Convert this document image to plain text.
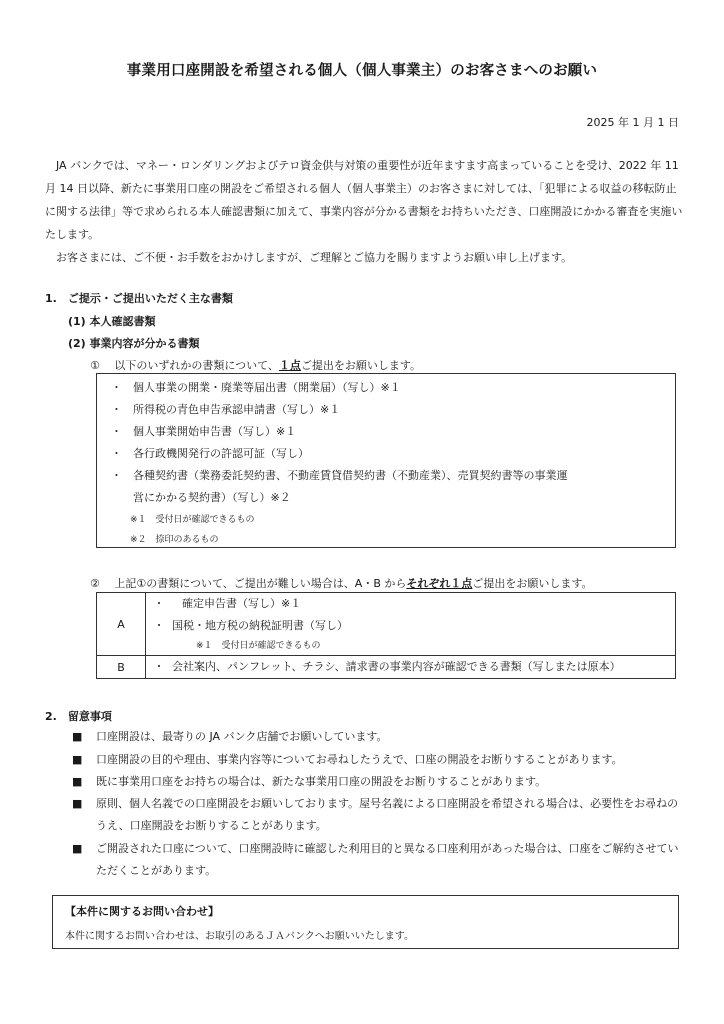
事業用口座開設を希望される個人（個人事業主）のお客さまへのお願い
2025 年 1 月 1 日

JA バンクでは、マネー・ロンダリングおよびテロ資金供与対策の重要性が近年ますます高まっていることを受け、2022 年 11 月 14 日以降、新たに事業用口座の開設をご希望される個人（個人事業主）のお客さまに対しては、「犯罪による収益の移転防止に関する法律」等で求められる本人確認書類に加えて、事業内容が分かる書類をお持ちいただき、口座開設にかかる審査を実施いたします。

お客さまには、ご不便・お手数をおかけしますが、ご理解とご協力を賜りますようお願い申し上げます。

1.　ご提示・ご提出いただく主な書類
(1) 本人確認書類
(2) 事業内容が分かる書類
①　 以下のいずれかの書類について、１点ご提出をお願いします。
・ 個人事業の開業・廃業等届出書（開業届）（写し）※１
・ 所得税の青色申告承認申請書（写し）※１
・ 個人事業開始申告書（写し）※１
・ 各行政機関発行の許認可証（写し）
・ 各種契約書（業務委託契約書、不動産賃貸借契約書（不動産業）、売買契約書等の事業運
営にかかる契約書）（写し）※２
※１　受付日が確認できるもの
※２　捺印のあるもの
②　 上記①の書類について、ご提出が難しい場合は、A・B からそれぞれ１点ご提出をお願いします。
A	・ 確定申告書（写し）※１
・ 国税・地方税の納税証明書（写し）
※１　受付日が確認できるもの

B	・ 会社案内、パンフレット、チラシ、請求書の事業内容が確認できる書類（写しまたは原本）
2.　留意事項
■ 口座開設は、最寄りの JA バンク店舗でお願いしています。
■ 口座開設の目的や理由、事業内容等についてお尋ねしたうえで、口座の開設をお断りすることがあります。
■ 既に事業用口座をお持ちの場合は、新たな事業用口座の開設をお断りすることがあります。
■ 原則、個人名義での口座開設をお願いしております。屋号名義による口座開設を希望される場合は、必要性をお尋ねのうえ、口座開設をお断りすることがあります。
■ ご開設された口座について、口座開設時に確認した利用目的と異なる口座利用があった場合は、口座をご解約させていただくことがあります。
【本件に関するお問い合わせ】
本件に関するお問い合わせは、お取引のあるＪＡバンクへお願いいたします。
